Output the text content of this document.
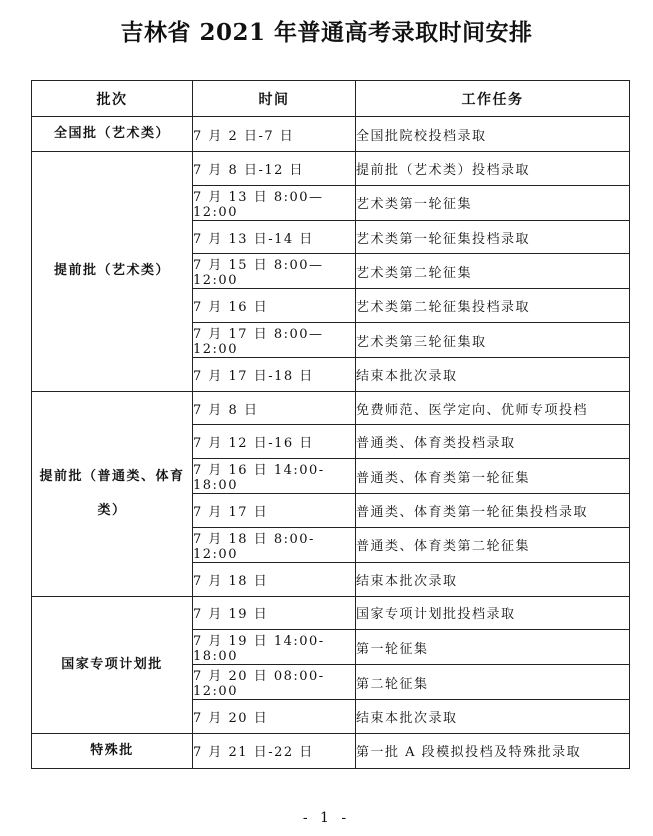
吉林省 2021 年普通高考录取时间安排
批次	时间	工作任务
全国批（艺术类）	7 月 2 日-7 日	全国批院校投档录取
提前批（艺术类）	7 月 8 日-12 日	提前批（艺术类）投档录取
	7 月 13 日 8:00—12:00	艺术类第一轮征集
	7 月 13 日-14 日	艺术类第一轮征集投档录取
	7 月 15 日 8:00—12:00	艺术类第二轮征集
	7 月 16 日	艺术类第二轮征集投档录取
	7 月 17 日 8:00—12:00	艺术类第三轮征集取
	7 月 17 日-18 日	结束本批次录取
提前批（普通类、体育类）	7 月 8 日	免费师范、医学定向、优师专项投档
	7 月 12 日-16 日	普通类、体育类投档录取
	7 月 16 日 14:00-18:00	普通类、体育类第一轮征集
	7 月 17 日	普通类、体育类第一轮征集投档录取
	7 月 18 日 8:00-12:00	普通类、体育类第二轮征集
	7 月 18 日	结束本批次录取
国家专项计划批	7 月 19 日	国家专项计划批投档录取
	7 月 19 日 14:00-18:00	第一轮征集
	7 月 20 日 08:00-12:00	第二轮征集
	7 月 20 日	结束本批次录取
特殊批	7 月 21 日-22 日	第一批 A 段模拟投档及特殊批录取
- 1 -
